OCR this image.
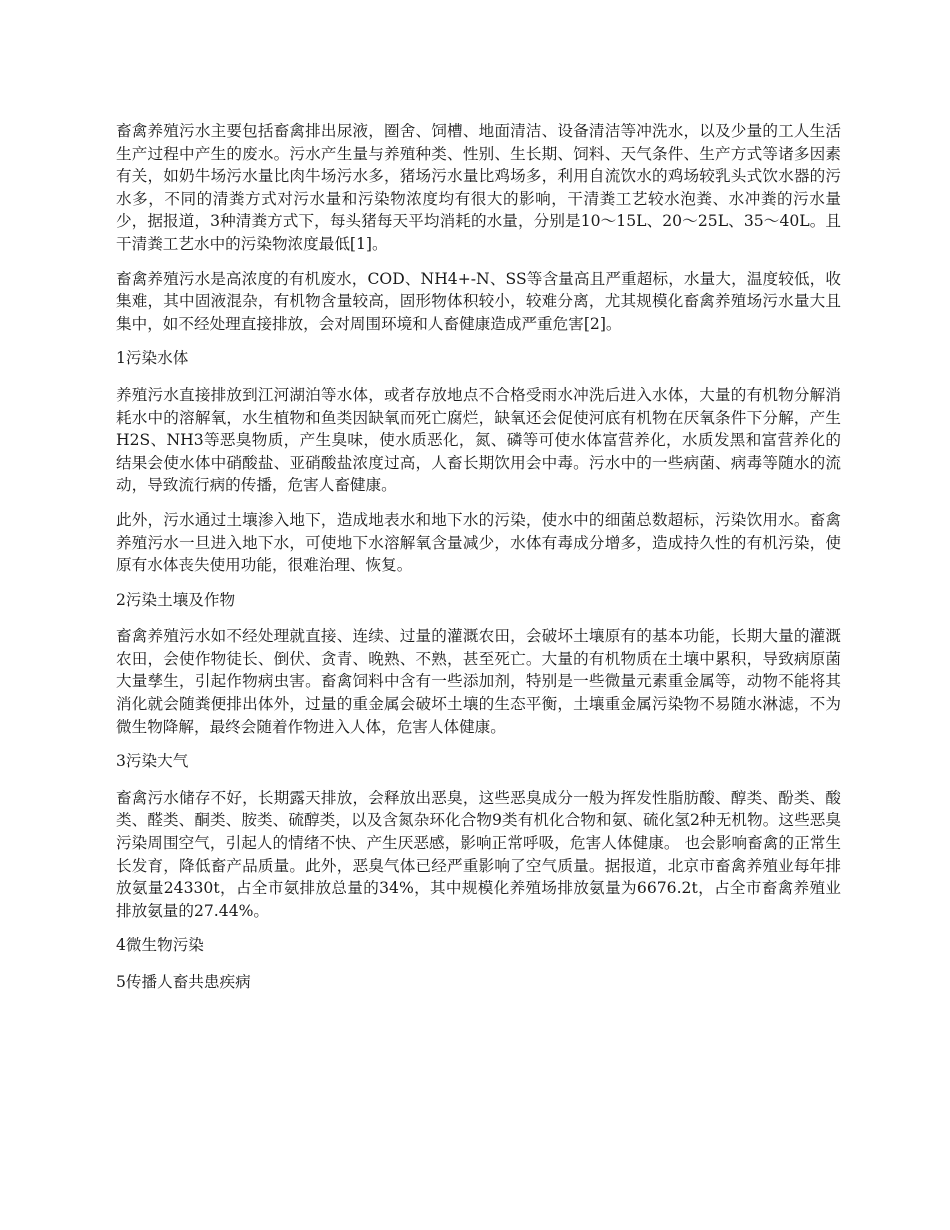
畜禽养殖污水主要包括畜禽排出尿液，圈舍、饲槽、地面清洁、设备清洁等冲洗水，以及少量的工人生活生产过程中产生的废水。污水产生量与养殖种类、性别、生长期、饲料、天气条件、生产方式等诸多因素有关，如奶牛场污水量比肉牛场污水多，猪场污水量比鸡场多，利用自流饮水的鸡场较乳头式饮水器的污水多，不同的清粪方式对污水量和污染物浓度均有很大的影响，干清粪工艺较水泡粪、水冲粪的污水量少，据报道，3种清粪方式下，每头猪每天平均消耗的水量，分别是10～15L、20～25L、35～40L。且干清粪工艺水中的污染物浓度最低[1]。

畜禽养殖污水是高浓度的有机废水，COD、NH4+-N、SS等含量高且严重超标，水量大，温度较低，收集难，其中固液混杂，有机物含量较高，固形物体积较小，较难分离，尤其规模化畜禽养殖场污水量大且集中，如不经处理直接排放，会对周围环境和人畜健康造成严重危害[2]。

1污染水体

养殖污水直接排放到江河湖泊等水体，或者存放地点不合格受雨水冲洗后进入水体，大量的有机物分解消耗水中的溶解氧，水生植物和鱼类因缺氧而死亡腐烂，缺氧还会促使河底有机物在厌氧条件下分解，产生H2S、NH3等恶臭物质，产生臭味，使水质恶化，氮、磷等可使水体富营养化，水质发黑和富营养化的结果会使水体中硝酸盐、亚硝酸盐浓度过高，人畜长期饮用会中毒。污水中的一些病菌、病毒等随水的流动，导致流行病的传播，危害人畜健康。

此外，污水通过土壤渗入地下，造成地表水和地下水的污染，使水中的细菌总数超标，污染饮用水。畜禽养殖污水一旦进入地下水，可使地下水溶解氧含量减少，水体有毒成分增多，造成持久性的有机污染，使原有水体丧失使用功能，很难治理、恢复。

2污染土壤及作物

畜禽养殖污水如不经处理就直接、连续、过量的灌溉农田，会破坏土壤原有的基本功能，长期大量的灌溉农田，会使作物徒长、倒伏、贪青、晚熟、不熟，甚至死亡。大量的有机物质在土壤中累积，导致病原菌大量孳生，引起作物病虫害。畜禽饲料中含有一些添加剂，特别是一些微量元素重金属等，动物不能将其消化就会随粪便排出体外，过量的重金属会破坏土壤的生态平衡，土壤重金属污染物不易随水淋滤，不为微生物降解，最终会随着作物进入人体，危害人体健康。

3污染大气

畜禽污水储存不好，长期露天排放，会释放出恶臭，这些恶臭成分一般为挥发性脂肪酸、醇类、酚类、酸类、醛类、酮类、胺类、硫醇类，以及含氮杂环化合物9类有机化合物和氨、硫化氢2种无机物。这些恶臭污染周围空气，引起人的情绪不快、产生厌恶感，影响正常呼吸，危害人体健康。 也会影响畜禽的正常生长发育，降低畜产品质量。此外，恶臭气体已经严重影响了空气质量。据报道，北京市畜禽养殖业每年排放氨量24330t，占全市氨排放总量的34%，其中规模化养殖场排放氨量为6676.2t，占全市畜禽养殖业排放氨量的27.44%。

4微生物污染

5传播人畜共患疾病
